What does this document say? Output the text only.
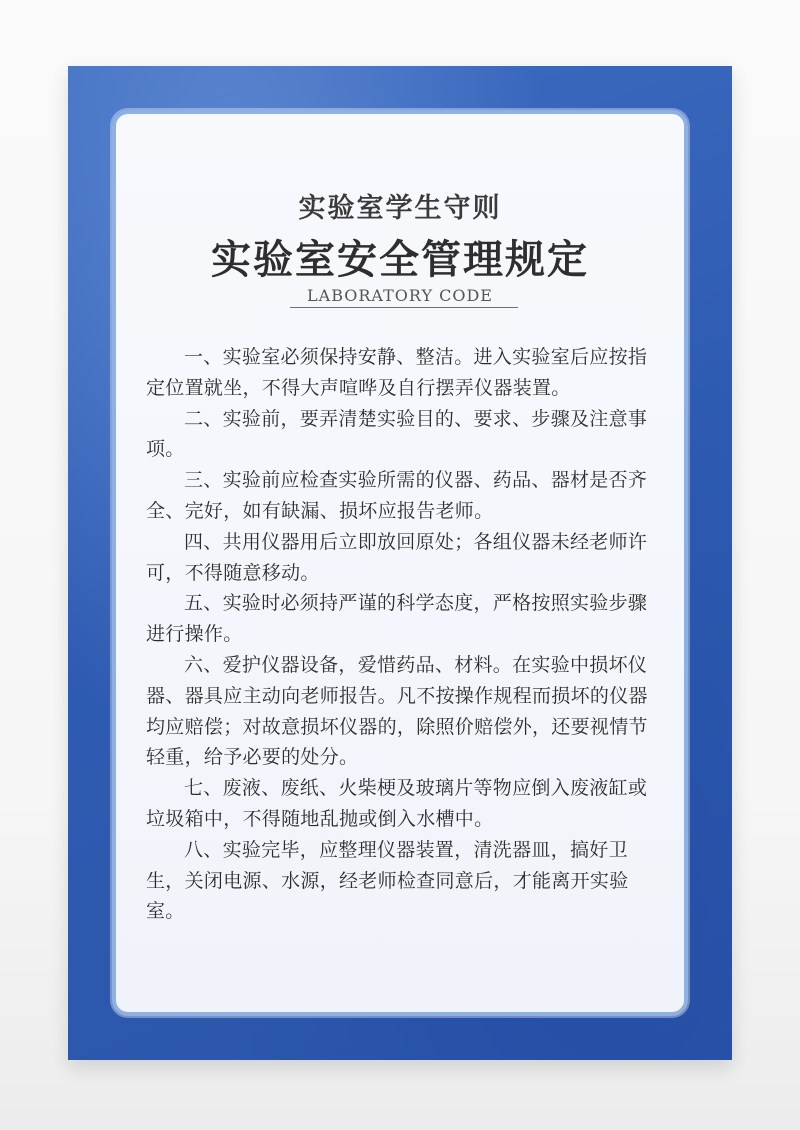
实验室学生守则
实验室安全管理规定
LABORATORY CODE
一、实验室必须保持安静、整洁。进入实验室后应按指定位置就坐，不得大声喧哗及自行摆弄仪器装置。
二、实验前，要弄清楚实验目的、要求、步骤及注意事项。
三、实验前应检查实验所需的仪器、药品、器材是否齐全、完好，如有缺漏、损坏应报告老师。
四、共用仪器用后立即放回原处；各组仪器未经老师许可，不得随意移动。
五、实验时必须持严谨的科学态度，严格按照实验步骤进行操作。
六、爱护仪器设备，爱惜药品、材料。在实验中损坏仪器、器具应主动向老师报告。凡不按操作规程而损坏的仪器均应赔偿；对故意损坏仪器的，除照价赔偿外，还要视情节轻重，给予必要的处分。
七、废液、废纸、火柴梗及玻璃片等物应倒入废液缸或垃圾箱中，不得随地乱抛或倒入水槽中。
八、实验完毕，应整理仪器装置，清洗器皿，搞好卫生，关闭电源、水源，经老师检查同意后，才能离开实验室。
